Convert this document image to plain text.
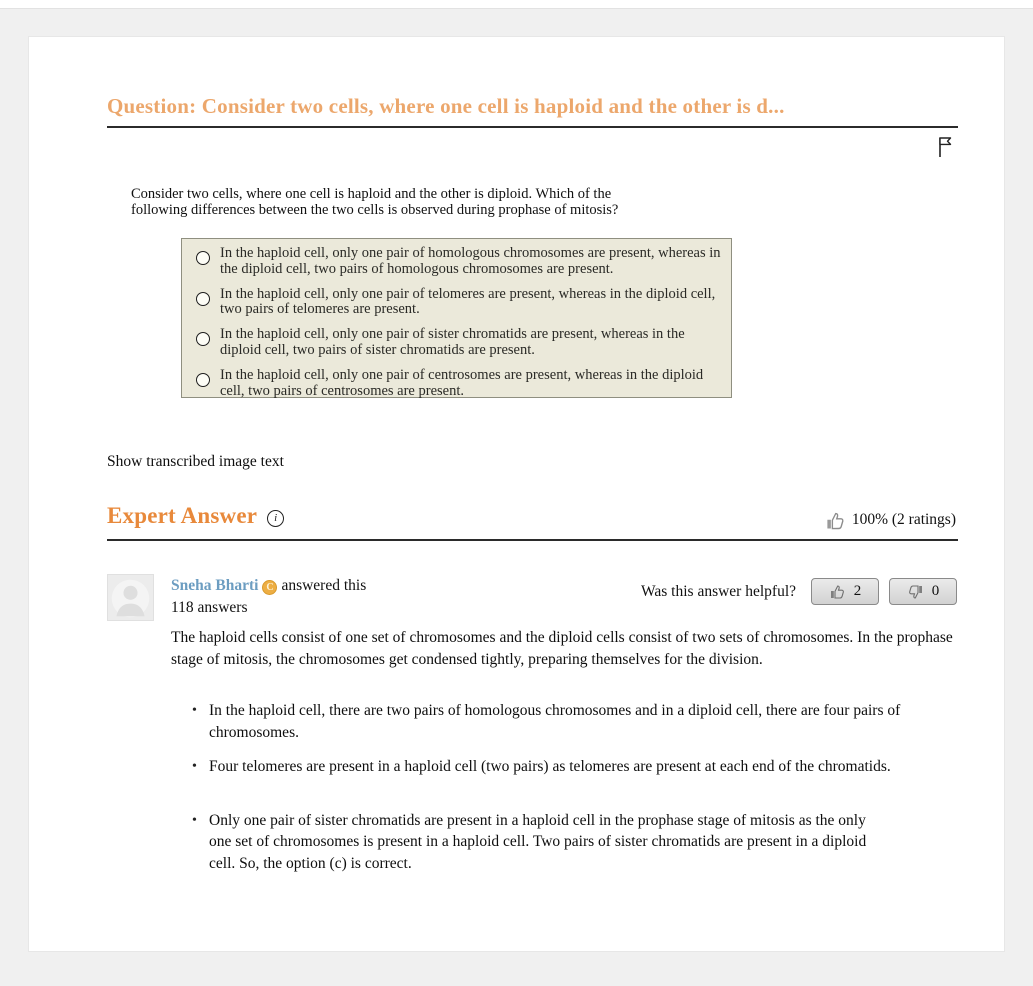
Question: Consider two cells, where one cell is haploid and the other is d...

Consider two cells, where one cell is haploid and the other is diploid. Which of the following differences between the two cells is observed during prophase of mitosis?

In the haploid cell, only one pair of homologous chromosomes are present, whereas in the diploid cell, two pairs of homologous chromosomes are present.
In the haploid cell, only one pair of telomeres are present, whereas in the diploid cell, two pairs of telomeres are present.
In the haploid cell, only one pair of sister chromatids are present, whereas in the diploid cell, two pairs of sister chromatids are present.
In the haploid cell, only one pair of centrosomes are present, whereas in the diploid cell, two pairs of centrosomes are present.
Show transcribed image text
Expert Answer	i	100% (2 ratings)
Sneha Bharti C answered this
118 answers
Was this answer helpful?	2	0

The haploid cells consist of one set of chromosomes and the diploid cells consist of two sets of chromosomes. In the prophase stage of mitosis, the chromosomes get condensed tightly, preparing themselves for the division.

• In the haploid cell, there are two pairs of homologous chromosomes and in a diploid cell, there are four pairs of chromosomes.
• Four telomeres are present in a haploid cell (two pairs) as telomeres are present at each end of the chromatids.
• Only one pair of sister chromatids are present in a haploid cell in the prophase stage of mitosis as the only one set of chromosomes is present in a haploid cell. Two pairs of sister chromatids are present in a diploid cell. So, the option (c) is correct.
